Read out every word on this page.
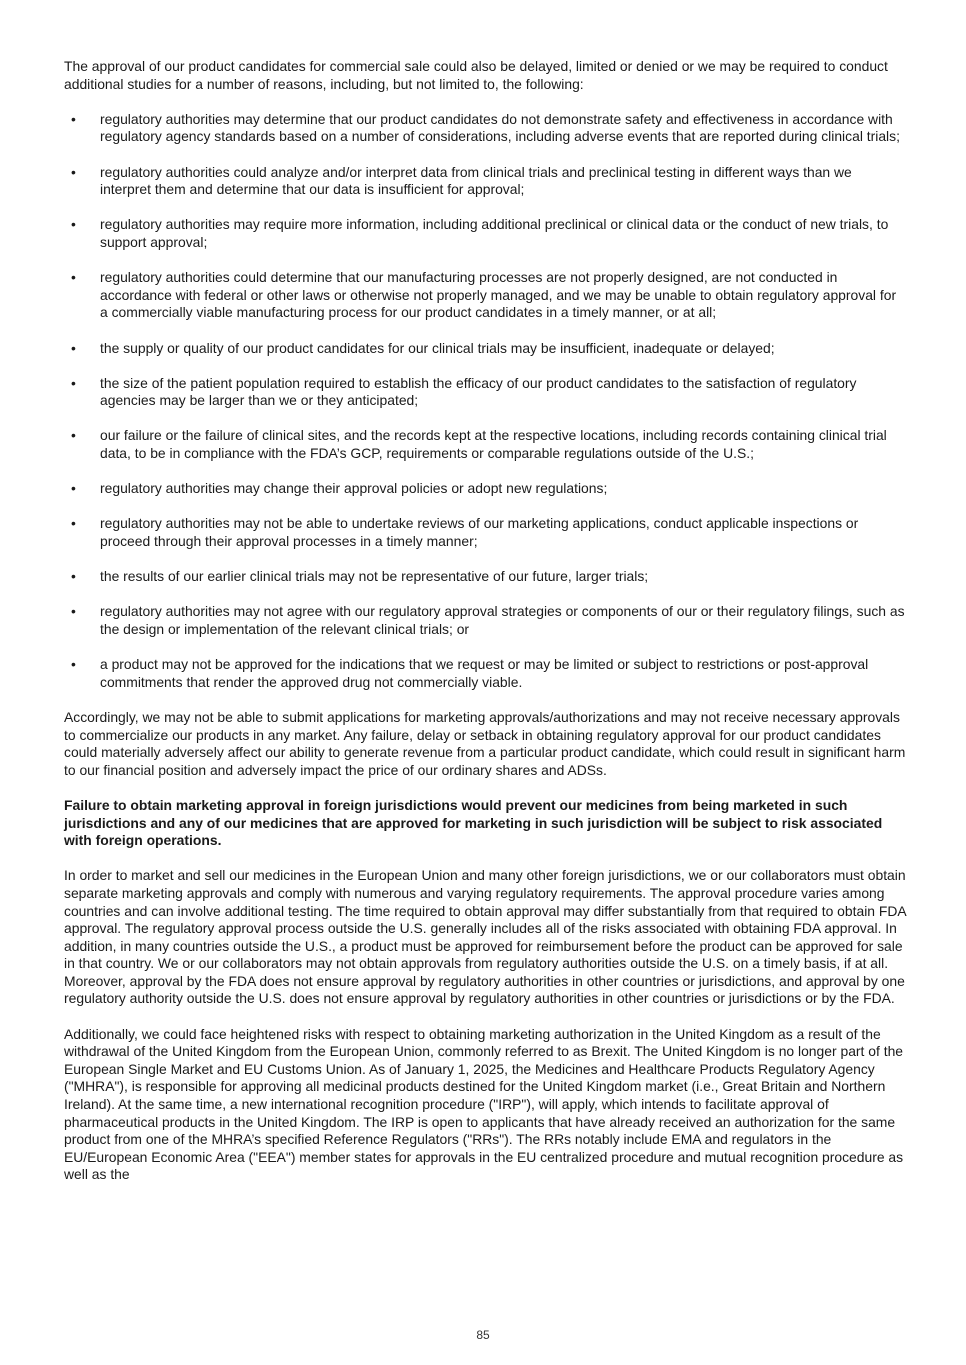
The approval of our product candidates for commercial sale could also be delayed, limited or denied or we may be required to conduct additional studies for a number of reasons, including, but not limited to, the following:

• regulatory authorities may determine that our product candidates do not demonstrate safety and effectiveness in accordance with regulatory agency standards based on a number of considerations, including adverse events that are reported during clinical trials;
• regulatory authorities could analyze and/or interpret data from clinical trials and preclinical testing in different ways than we interpret them and determine that our data is insufficient for approval;
• regulatory authorities may require more information, including additional preclinical or clinical data or the conduct of new trials, to support approval;
• regulatory authorities could determine that our manufacturing processes are not properly designed, are not conducted in accordance with federal or other laws or otherwise not properly managed, and we may be unable to obtain regulatory approval for a commercially viable manufacturing process for our product candidates in a timely manner, or at all;
• the supply or quality of our product candidates for our clinical trials may be insufficient, inadequate or delayed;
• the size of the patient population required to establish the efficacy of our product candidates to the satisfaction of regulatory agencies may be larger than we or they anticipated;
• our failure or the failure of clinical sites, and the records kept at the respective locations, including records containing clinical trial data, to be in compliance with the FDA’s GCP, requirements or comparable regulations outside of the U.S.;
• regulatory authorities may change their approval policies or adopt new regulations;
• regulatory authorities may not be able to undertake reviews of our marketing applications, conduct applicable inspections or proceed through their approval processes in a timely manner;
• the results of our earlier clinical trials may not be representative of our future, larger trials;
• regulatory authorities may not agree with our regulatory approval strategies or components of our or their regulatory filings, such as the design or implementation of the relevant clinical trials; or
• a product may not be approved for the indications that we request or may be limited or subject to restrictions or post-approval commitments that render the approved drug not commercially viable.

Accordingly, we may not be able to submit applications for marketing approvals/authorizations and may not receive necessary approvals to commercialize our products in any market. Any failure, delay or setback in obtaining regulatory approval for our product candidates could materially adversely affect our ability to generate revenue from a particular product candidate, which could result in significant harm to our financial position and adversely impact the price of our ordinary shares and ADSs.

Failure to obtain marketing approval in foreign jurisdictions would prevent our medicines from being marketed in such jurisdictions and any of our medicines that are approved for marketing in such jurisdiction will be subject to risk associated with foreign operations.

In order to market and sell our medicines in the European Union and many other foreign jurisdictions, we or our collaborators must obtain separate marketing approvals and comply with numerous and varying regulatory requirements. The approval procedure varies among countries and can involve additional testing. The time required to obtain approval may differ substantially from that required to obtain FDA approval. The regulatory approval process outside the U.S. generally includes all of the risks associated with obtaining FDA approval. In addition, in many countries outside the U.S., a product must be approved for reimbursement before the product can be approved for sale in that country. We or our collaborators may not obtain approvals from regulatory authorities outside the U.S. on a timely basis, if at all. Moreover, approval by the FDA does not ensure approval by regulatory authorities in other countries or jurisdictions, and approval by one regulatory authority outside the U.S. does not ensure approval by regulatory authorities in other countries or jurisdictions or by the FDA.

Additionally, we could face heightened risks with respect to obtaining marketing authorization in the United Kingdom as a result of the withdrawal of the United Kingdom from the European Union, commonly referred to as Brexit. The United Kingdom is no longer part of the European Single Market and EU Customs Union. As of January 1, 2025, the Medicines and Healthcare Products Regulatory Agency ("MHRA"), is responsible for approving all medicinal products destined for the United Kingdom market (i.e., Great Britain and Northern Ireland). At the same time, a new international recognition procedure ("IRP"), will apply, which intends to facilitate approval of pharmaceutical products in the United Kingdom. The IRP is open to applicants that have already received an authorization for the same product from one of the MHRA’s specified Reference Regulators ("RRs"). The RRs notably include EMA and regulators in the EU/European Economic Area ("EEA") member states for approvals in the EU centralized procedure and mutual recognition procedure as well as the

85
